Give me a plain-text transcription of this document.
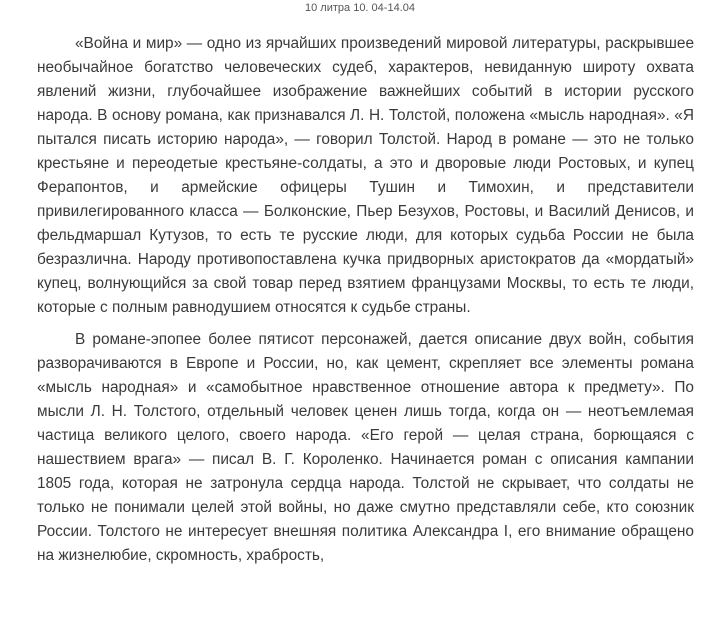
10 литра 10. 04-14.04

«Война и мир» — одно из ярчайших произведений мировой литературы, раскрывшее необычайное богатство человеческих судеб, характеров, невиданную широту охвата явлений жизни, глубочайшее изображение важнейших событий в истории русского народа. В основу романа, как признавался Л. Н. Толстой, положена «мысль народная». «Я пытался писать историю народа», — говорил Толстой. Народ в романе — это не только крестьяне и переодетые крестьяне-солдаты, а это и дворовые люди Ростовых, и купец Ферапонтов, и армейские офицеры Тушин и Тимохин, и представители привилегированного класса — Болконские, Пьер Безухов, Ростовы, и Василий Денисов, и фельдмаршал Кутузов, то есть те русские люди, для которых судьба России не была безразлична. Народу противопоставлена кучка придворных аристократов да «мордатый» купец, волнующийся за свой товар перед взятием французами Москвы, то есть те люди, которые с полным равнодушием относятся к судьбе страны.

В романе-эпопее более пятисот персонажей, дается описание двух войн, события разворачиваются в Европе и России, но, как цемент, скрепляет все элементы романа «мысль народная» и «самобытное нравственное отношение автора к предмету». По мысли Л. Н. Толстого, отдельный человек ценен лишь тогда, когда он — неотъемлемая частица великого целого, своего народа. «Его герой — целая страна, борющаяся с нашествием врага» — писал В. Г. Короленко. Начинается роман с описания кампании 1805 года, которая не затронула сердца народа. Толстой не скрывает, что солдаты не только не понимали целей этой войны, но даже смутно представляли себе, кто союзник России. Толстого не интересует внешняя политика Александра I, его внимание обращено на жизнелюбие, скромность, храбрость,
